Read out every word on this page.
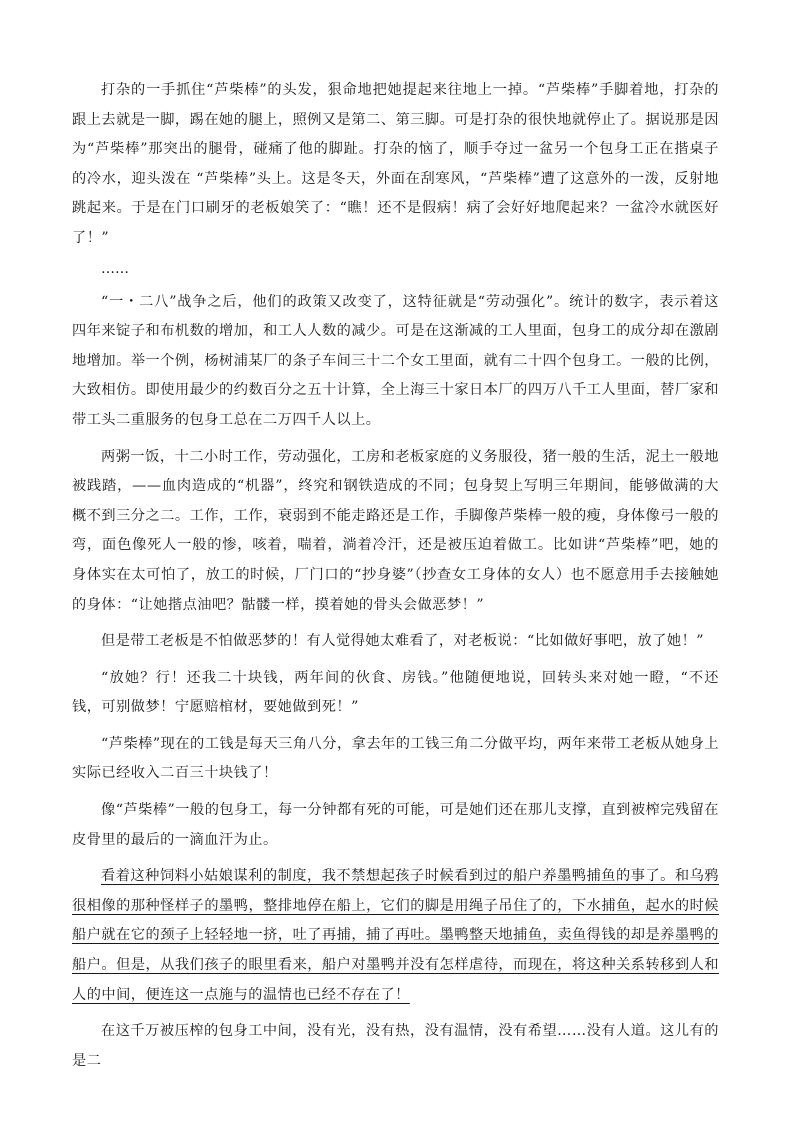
打杂的一手抓住“芦柴棒”的头发，狠命地把她提起来往地上一掉。“芦柴棒”手脚着地，打杂的跟上去就是一脚，踢在她的腿上，照例又是第二、第三脚。可是打杂的很快地就停止了。据说那是因为“芦柴棒”那突出的腿骨，碰痛了他的脚趾。打杂的恼了，顺手夺过一盆另一个包身工正在揩桌子的冷水，迎头泼在 “芦柴棒”头上。这是冬天，外面在刮寒风，“芦柴棒”遭了这意外的一泼，反射地跳起来。于是在门口刷牙的老板娘笑了：“瞧！还不是假病！病了会好好地爬起来？一盆冷水就医好了！”

……

“一・二八”战争之后，他们的政策又改变了，这特征就是“劳动强化”。统计的数字，表示着这四年来锭子和布机数的增加，和工人人数的减少。可是在这渐减的工人里面，包身工的成分却在激剧地增加。举一个例，杨树浦某厂的条子车间三十二个女工里面，就有二十四个包身工。一般的比例，大致相仿。即使用最少的约数百分之五十计算，全上海三十家日本厂的四万八千工人里面，替厂家和带工头二重服务的包身工总在二万四千人以上。

两粥一饭，十二小时工作，劳动强化，工房和老板家庭的义务服役，猪一般的生活，泥土一般地被践踏，——血肉造成的“机器”，终究和钢铁造成的不同；包身契上写明三年期间，能够做满的大概不到三分之二。工作，工作，衰弱到不能走路还是工作，手脚像芦柴棒一般的瘦，身体像弓一般的弯，面色像死人一般的惨，咳着，喘着，淌着冷汗，还是被压迫着做工。比如讲“芦柴棒”吧，她的身体实在太可怕了，放工的时候，厂门口的“抄身婆”（抄查女工身体的女人）也不愿意用手去接触她的身体：“让她揩点油吧？骷髅一样，摸着她的骨头会做恶梦！”

但是带工老板是不怕做恶梦的！有人觉得她太难看了，对老板说：“比如做好事吧，放了她！”

“放她？行！还我二十块钱，两年间的伙食、房钱。”他随便地说，回转头来对她一瞪，“不还钱，可别做梦！宁愿赔棺材，要她做到死！”

“芦柴棒”现在的工钱是每天三角八分，拿去年的工钱三角二分做平均，两年来带工老板从她身上实际已经收入二百三十块钱了！

像“芦柴棒”一般的包身工，每一分钟都有死的可能，可是她们还在那儿支撑，直到被榨完残留在皮骨里的最后的一滴血汗为止。

看着这种饲料小姑娘谋利的制度，我不禁想起孩子时候看到过的船户养墨鸭捕鱼的事了。和乌鸦很相像的那种怪样子的墨鸭，整排地停在船上，它们的脚是用绳子吊住了的，下水捕鱼，起水的时候船户就在它的颈子上轻轻地一挤，吐了再捕，捕了再吐。墨鸭整天地捕鱼，卖鱼得钱的却是养墨鸭的船户。但是，从我们孩子的眼里看来，船户对墨鸭并没有怎样虐待，而现在，将这种关系转移到人和人的中间，便连这一点施与的温情也已经不存在了！

在这千万被压榨的包身工中间，没有光，没有热，没有温情，没有希望……没有人道。这儿有的是二
